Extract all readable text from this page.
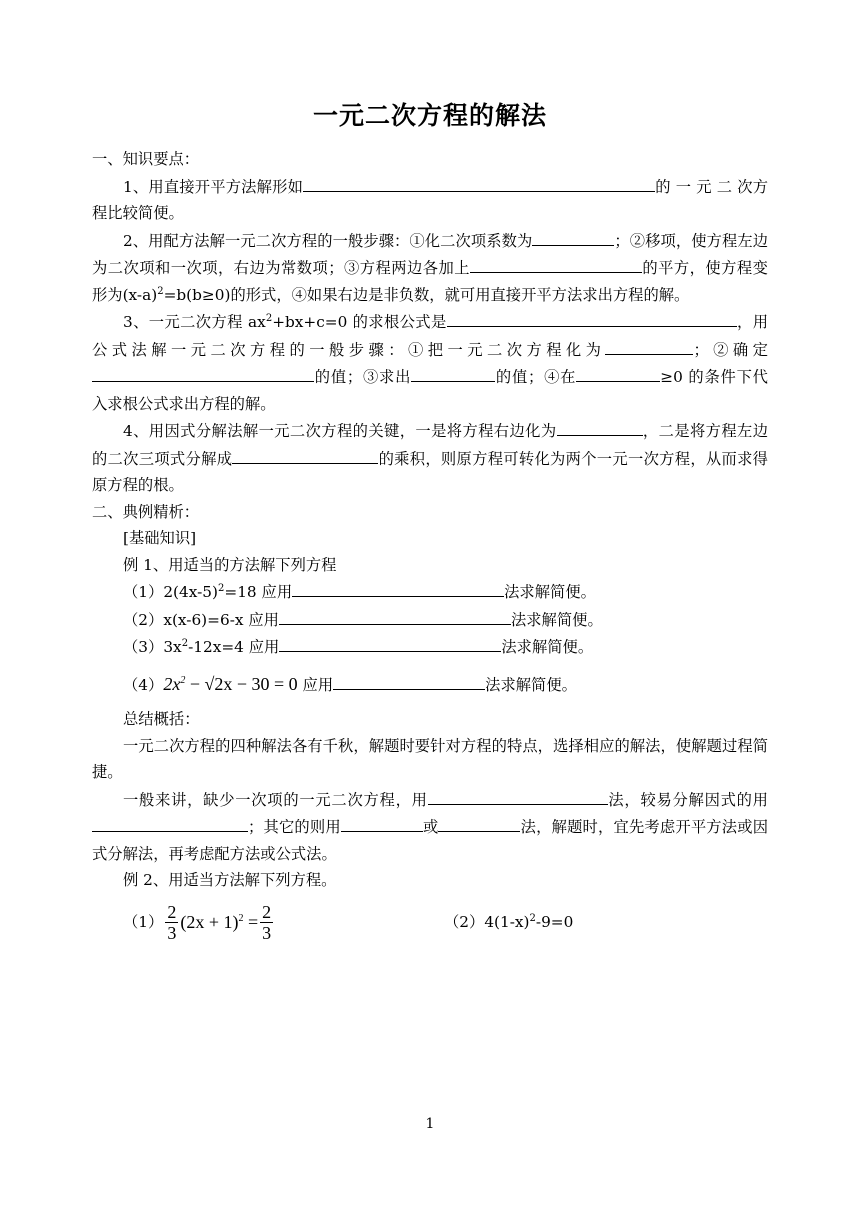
一元二次方程的解法

一、知识要点：

1、用直接开平方法解形如	的 一 元 二 次方程比较简便。

2、用配方法解一元二次方程的一般步骤：①化二次项系数为	；②移项，使方程左边为二次项和一次项，右边为常数项；③方程两边各加上	的平方，使方程变形为$(x-a)^2=b(b\ge 0)$的形式，④如果右边是非负数，就可用直接开平方法求出方程的解。

3、一元二次方程 $ax^2+bx+c=0$ 的求根公式是	，用公式法解一元二次方程的一般步骤：①把一元二次方程化为	；②确定的值；③求出	的值；④在	≥0 的条件下代入求根公式求出方程的解。

4、用因式分解法解一元二次方程的关键，一是将方程右边化为	，二是将方程左边的二次三项式分解成	的乘积，则原方程可转化为两个一元一次方程，从而求得原方程的根。

二、典例精析：

[基础知识]

例 1、用适当的方法解下列方程

$(1)2(4x-5)^2=18$ 应用	法求解简便。

（2）x(x-6)=6-x 应用	法求解简便。

$(3)3x^2-12x=4$ 应用	法求解简便。

$(4)2x^2 - √2x - 30 = 0$ 应用	法求解简便。

总结概括：

一元二次方程的四种解法各有千秋，解题时要针对方程的特点，选择相应的解法，使解题过程简捷。

一般来讲，缺少一次项的一元二次方程，用	法，较易分解因式的用；其它的则用	或	法，解题时，宜先考虑开平方法或因式分解法，再考虑配方法或公式法。

例 2、用适当方法解下列方程。

$(1) \frac{2}{3} (2x + 1)^2 = \frac{2}{3}$	$(2)4(1-x)^2-9=0$
1
